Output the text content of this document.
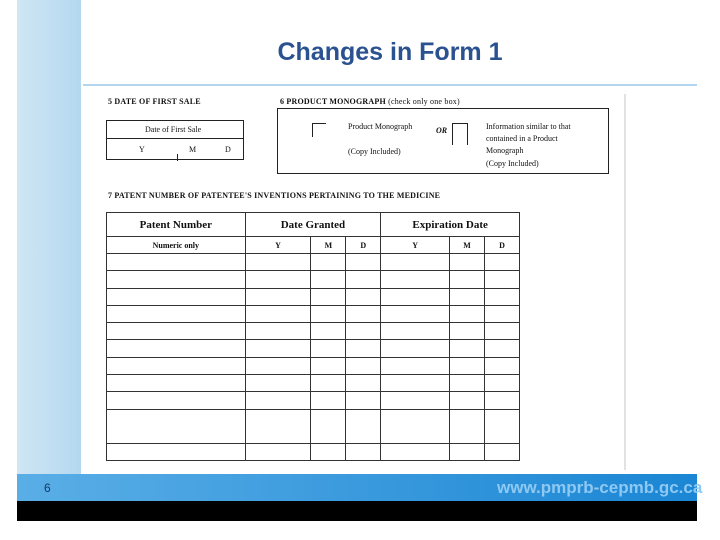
Changes in Form 1
5 DATE OF FIRST SALE
Date of First Sale
Y	M	D
6 PRODUCT MONOGRAPH (check only one box)
Product Monograph	OR
(Copy Included)
Information similar to that
contained in a Product
Monograph
(Copy Included)
7 PATENT NUMBER OF PATENTEE'S INVENTIONS PERTAINING TO THE MEDICINE
Patent Number	Date Granted			Expiration Date		
Numeric only	Y	M	D	Y	M	D

6	www.pmprb-cepmb.gc.ca
